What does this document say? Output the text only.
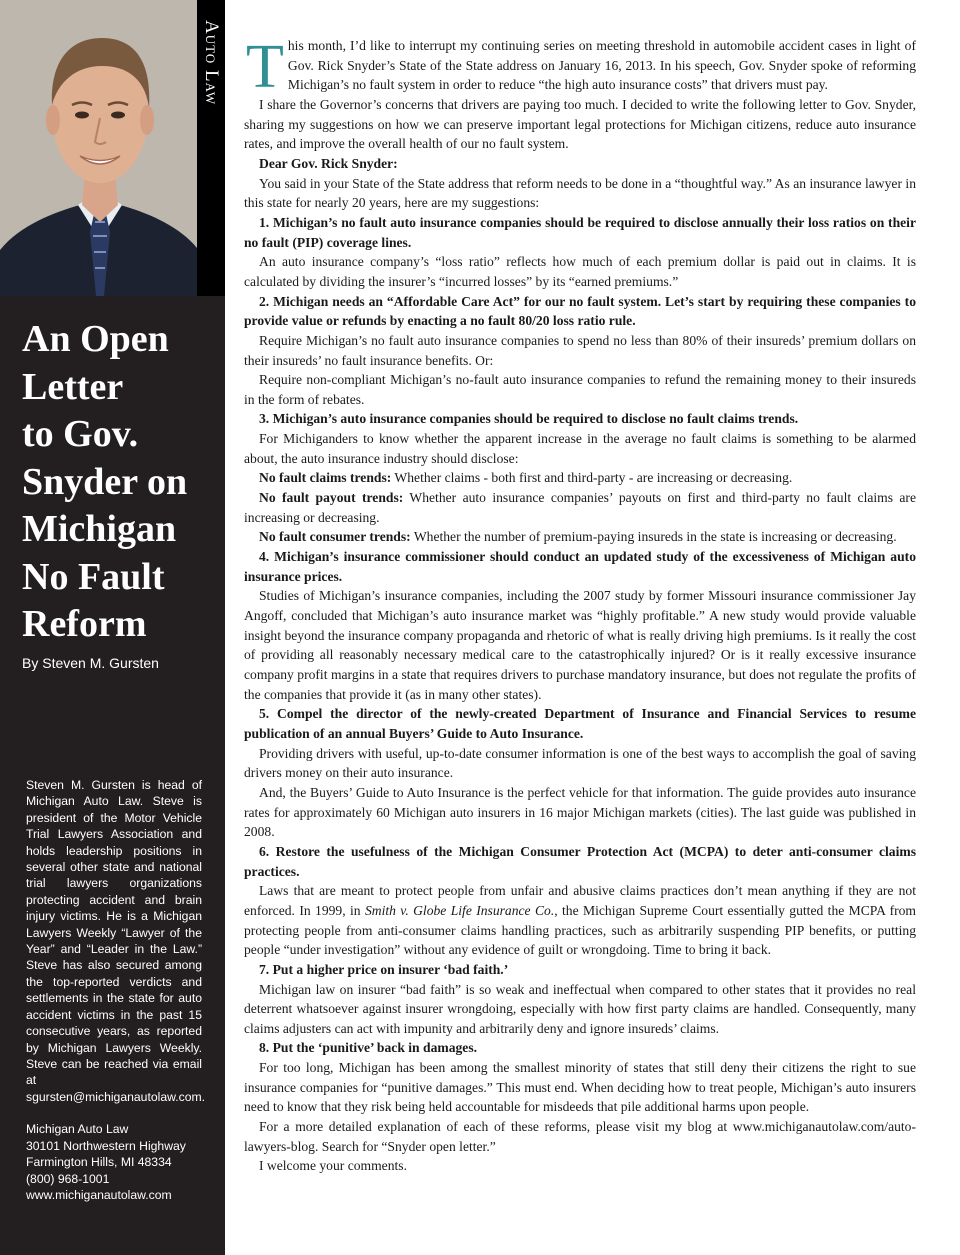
Auto Law
An Open
Letter
to Gov.
Snyder on
Michigan
No Fault
Reform
By Steven M. Gursten

Steven M. Gursten is head of Michigan Auto Law. Steve is president of the Motor Vehicle Trial Lawyers Association and holds leadership positions in several other state and national trial lawyers organizations protecting accident and brain injury victims. He is a Michigan Lawyers Weekly “Lawyer of the Year” and “Leader in the Law.” Steve has also secured among the top-reported verdicts and settlements in the state for auto accident victims in the past 15 consecutive years, as reported by Michigan Lawyers Weekly. Steve can be reached via email at sgursten@michiganautolaw.com.

Michigan Auto Law
30101 Northwestern Highway
Farmington Hills, MI 48334
(800) 968-1001
www.michiganautolaw.com

This month, I’d like to interrupt my continuing series on meeting threshold in automobile accident cases in light of Gov. Rick Snyder’s State of the State address on January 16, 2013. In his speech, Gov. Snyder spoke of reforming Michigan’s no fault system in order to reduce “the high auto insurance costs” that drivers must pay.

I share the Governor’s concerns that drivers are paying too much. I decided to write the following letter to Gov. Snyder, sharing my suggestions on how we can preserve important legal protections for Michigan citizens, reduce auto insurance rates, and improve the overall health of our no fault system.

Dear Gov. Rick Snyder:

You said in your State of the State address that reform needs to be done in a “thoughtful way.” As an insurance lawyer in this state for nearly 20 years, here are my suggestions:

1. Michigan’s no fault auto insurance companies should be required to disclose annually their loss ratios on their no fault (PIP) coverage lines.

An auto insurance company’s “loss ratio” reflects how much of each premium dollar is paid out in claims. It is calculated by dividing the insurer’s “incurred losses” by its “earned premiums.”

2. Michigan needs an “Affordable Care Act” for our no fault system. Let’s start by requiring these companies to provide value or refunds by enacting a no fault 80/20 loss ratio rule.

Require Michigan’s no fault auto insurance companies to spend no less than 80% of their insureds’ premium dollars on their insureds’ no fault insurance benefits. Or:

Require non-compliant Michigan’s no-fault auto insurance companies to refund the remaining money to their insureds in the form of rebates.

3. Michigan’s auto insurance companies should be required to disclose no fault claims trends.

For Michiganders to know whether the apparent increase in the average no fault claims is something to be alarmed about, the auto insurance industry should disclose:

No fault claims trends: Whether claims - both first and third-party - are increasing or decreasing.

No fault payout trends: Whether auto insurance companies’ payouts on first and third-party no fault claims are increasing or decreasing.

No fault consumer trends: Whether the number of premium-paying insureds in the state is increasing or decreasing.

4. Michigan’s insurance commissioner should conduct an updated study of the excessiveness of Michigan auto insurance prices.

Studies of Michigan’s insurance companies, including the 2007 study by former Missouri insurance commissioner Jay Angoff, concluded that Michigan’s auto insurance market was “highly profitable.” A new study would provide valuable insight beyond the insurance company propaganda and rhetoric of what is really driving high premiums. Is it really the cost of providing all reasonably necessary medical care to the catastrophically injured? Or is it really excessive insurance company profit margins in a state that requires drivers to purchase mandatory insurance, but does not regulate the profits of the companies that provide it (as in many other states).

5. Compel the director of the newly-created Department of Insurance and Financial Services to resume publication of an annual Buyers’ Guide to Auto Insurance.

Providing drivers with useful, up-to-date consumer information is one of the best ways to accomplish the goal of saving drivers money on their auto insurance.

And, the Buyers’ Guide to Auto Insurance is the perfect vehicle for that information. The guide provides auto insurance rates for approximately 60 Michigan auto insurers in 16 major Michigan markets (cities). The last guide was published in 2008.

6. Restore the usefulness of the Michigan Consumer Protection Act (MCPA) to deter anti-consumer claims practices.

Laws that are meant to protect people from unfair and abusive claims practices don’t mean anything if they are not enforced. In 1999, in Smith v. Globe Life Insurance Co., the Michigan Supreme Court essentially gutted the MCPA from protecting people from anti-consumer claims handling practices, such as arbitrarily suspending PIP benefits, or putting people “under investigation” without any evidence of guilt or wrongdoing. Time to bring it back.

7. Put a higher price on insurer ‘bad faith.’

Michigan law on insurer “bad faith” is so weak and ineffectual when compared to other states that it provides no real deterrent whatsoever against insurer wrongdoing, especially with how first party claims are handled. Consequently, many claims adjusters can act with impunity and arbitrarily deny and ignore insureds’ claims.

8. Put the ‘punitive’ back in damages.

For too long, Michigan has been among the smallest minority of states that still deny their citizens the right to sue insurance companies for “punitive damages.” This must end. When deciding how to treat people, Michigan’s auto insurers need to know that they risk being held accountable for misdeeds that pile additional harms upon people.

For a more detailed explanation of each of these reforms, please visit my blog at www.michiganautolaw.com/auto-lawyers-blog. Search for “Snyder open letter.”

I welcome your comments.
